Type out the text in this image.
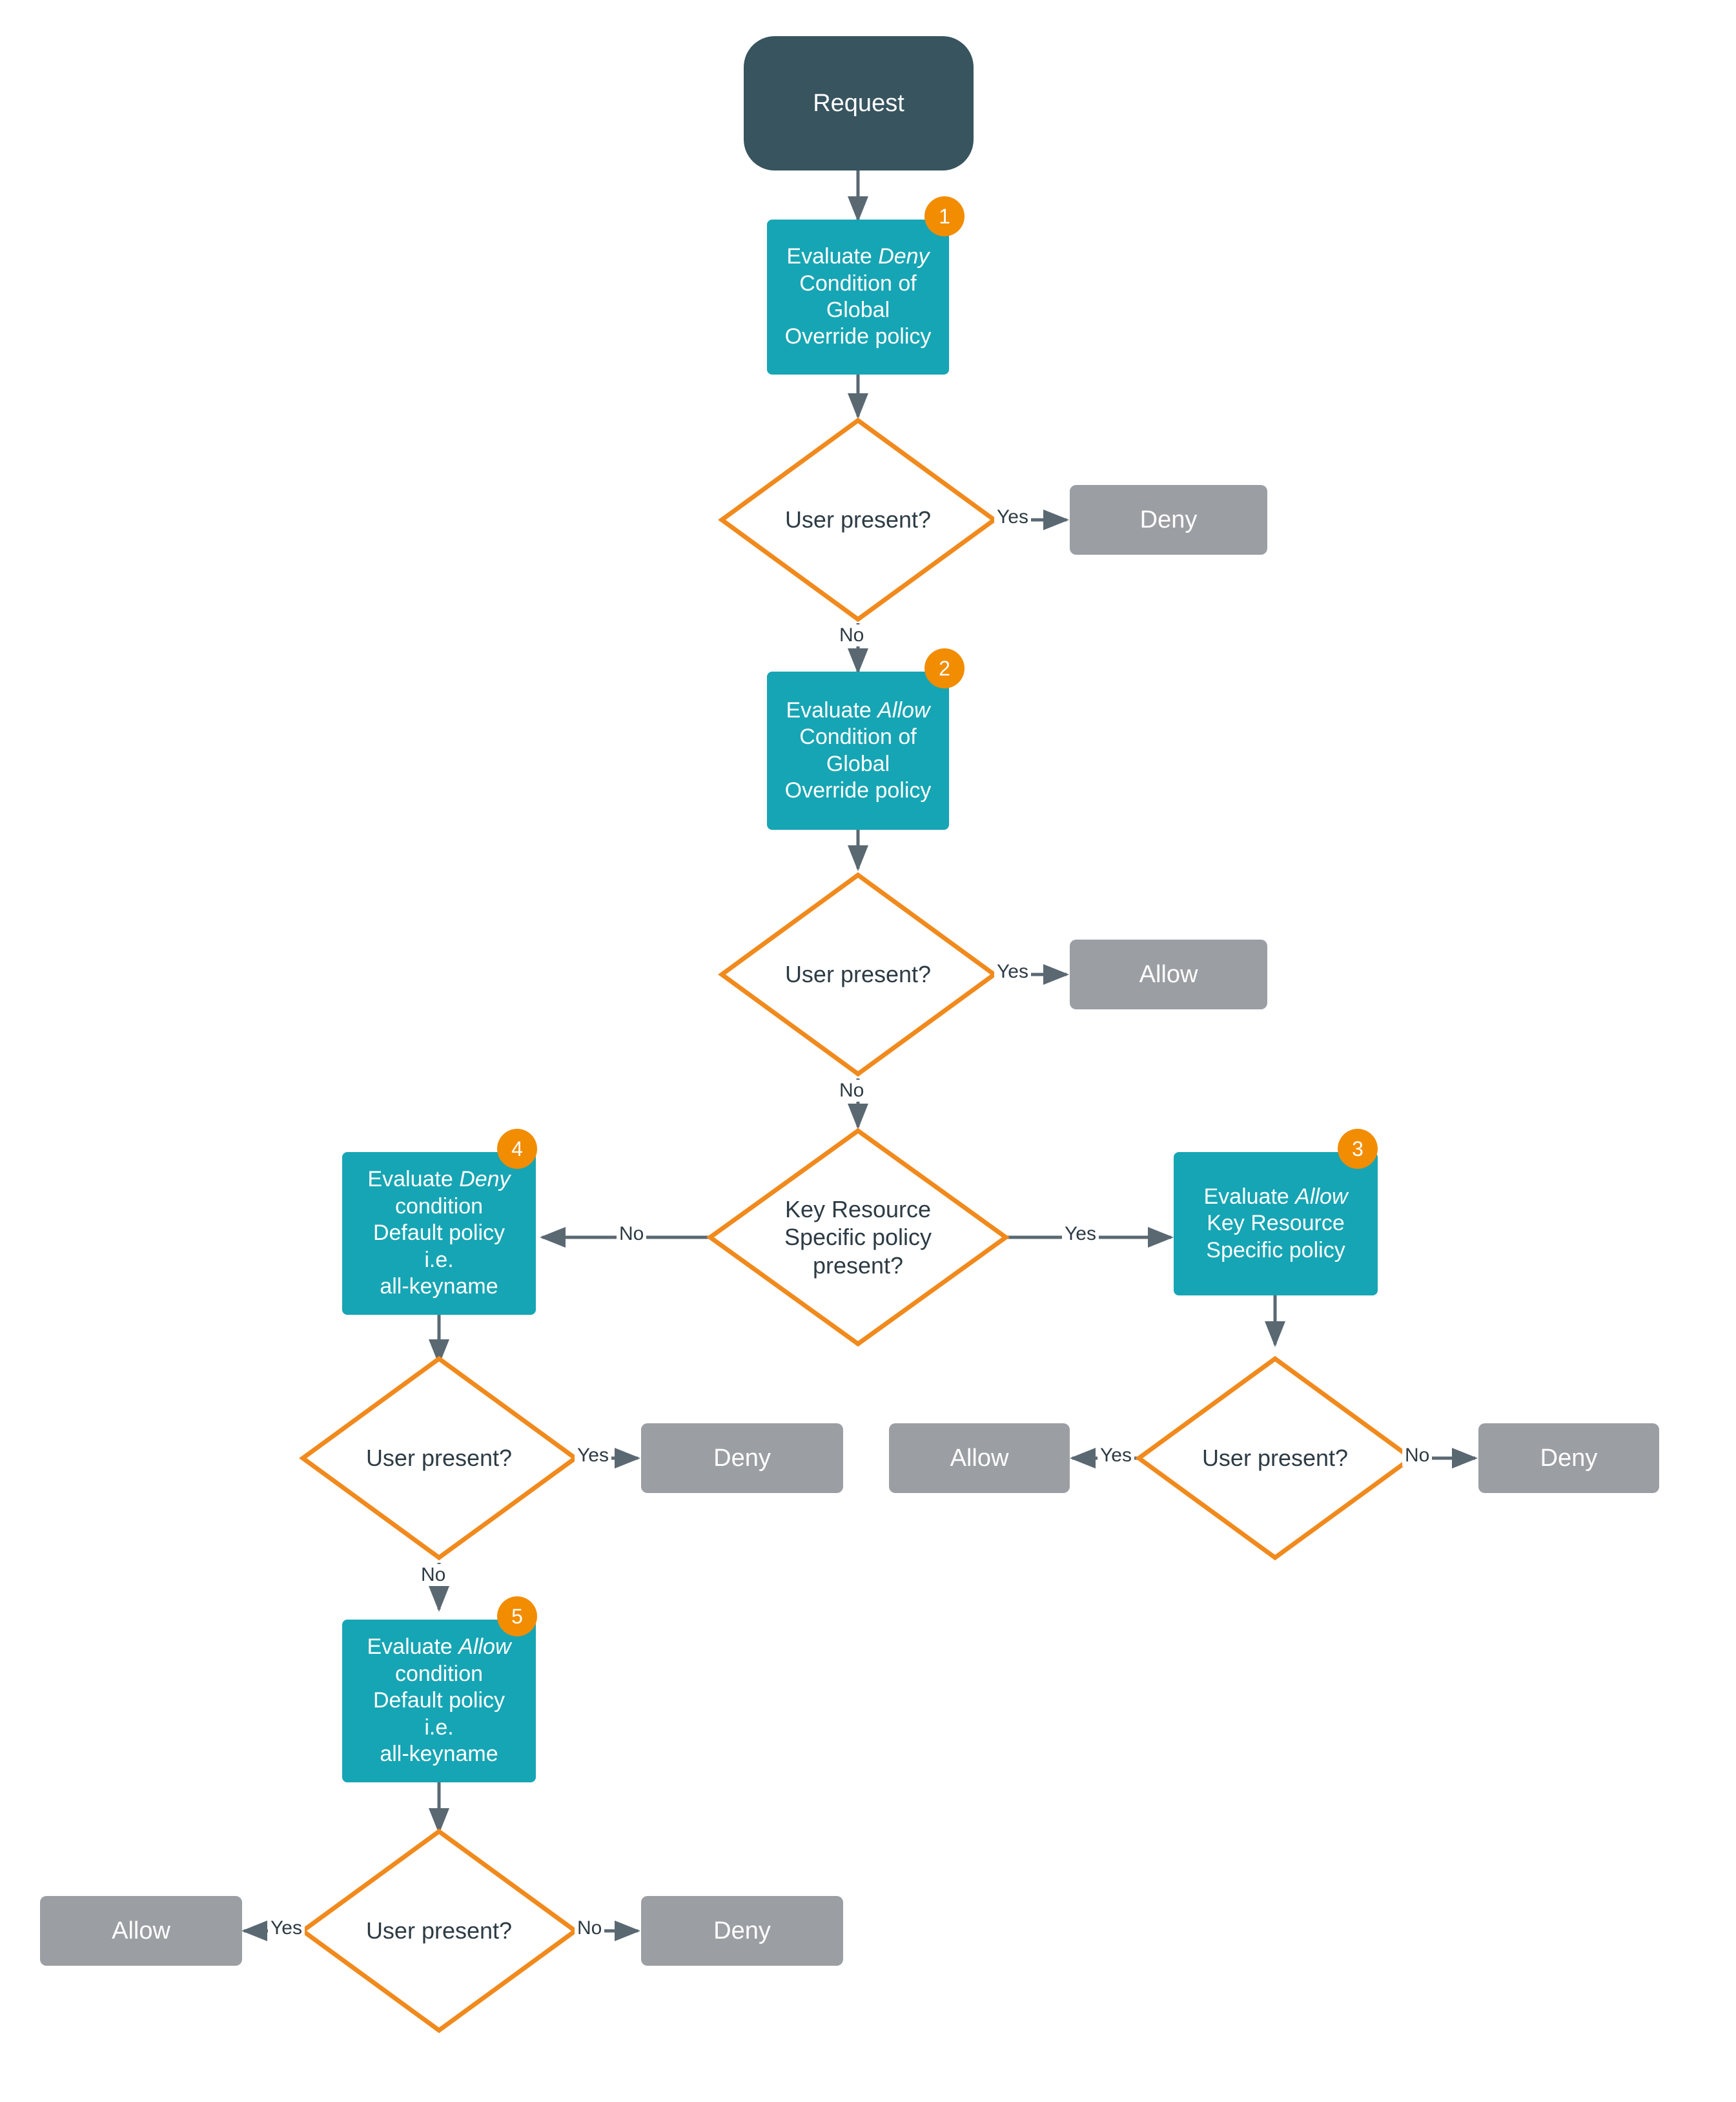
Request
Evaluate Deny
Condition of
Global
Override policy
1
User present?	Yes
No
Deny
Evaluate Allow
Condition of
Global
Override policy
2
User present?	Yes
No
Allow
Key Resource
Specific policy
present?
Yes
No
Evaluate Allow
Key Resource
Specific policy
3
User present?
Yes	No
Allow	Deny
Evaluate Deny
condition
Default policy
i.e.
all-keyname
4
User present?	Yes
No
Deny
Evaluate Allow
condition
Default policy
i.e.
all-keyname
5
User present?
Yes	No
Allow	Deny
